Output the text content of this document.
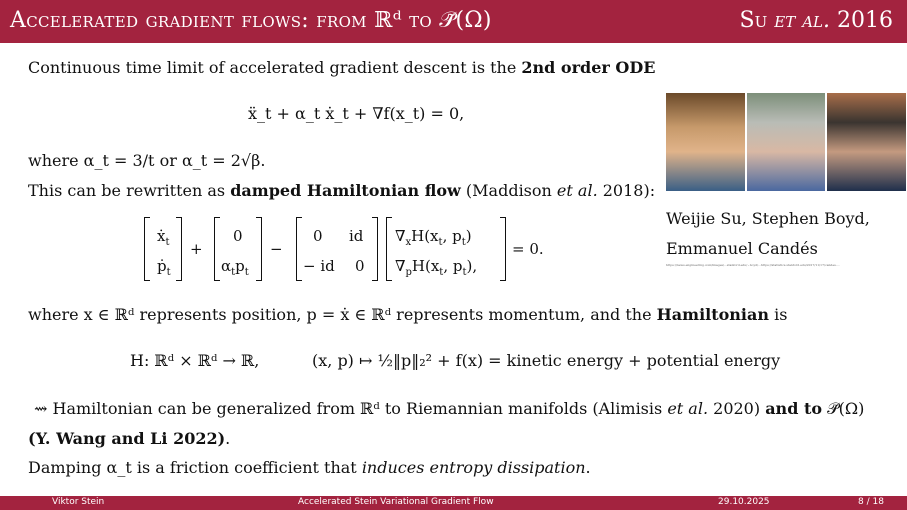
Accelerated gradient flows: from ℝᵈ to 𝒫̃(Ω)	Su et al. 2016
Continuous time limit of accelerated gradient descent is the 2nd order ODE
ẍ_t + α_t ẋ_t + ∇f(x_t) = 0,
where α_t = 3/t or α_t = 2√β.
This can be rewritten as damped Hamiltonian flow (Maddison et al. 2018):
ẋ$_t$
ṗ$_t$
+
0
$\alpha_tp_t$
−
0 id
− id 0
$\nabla_xH(x_t$, $p_t$)
$\nabla_pH(x_t$, $p_t$),
= 0.
where x ∈ ℝᵈ represents position, p = ẋ ∈ ℝᵈ represents momentum, and the Hamiltonian is
H: ℝᵈ × ℝᵈ → ℝ,	(x, p) ↦ ½‖p‖₂² + f(x) = kinetic energy + potential energy
⇝ Hamiltonian can be generalized from ℝᵈ to Riemannian manifolds (Alimisis et al. 2020) and to 𝒫̃(Ω)
(Y. Wang and Li 2022).
Damping α_t is a friction coefficient that induces entropy dissipation.
Weijie Su, Stephen Boyd,
Emmanuel Candés
https://news.engineering.com/images/...stanford.edu/~boyd/...https://statistics.stanford.edu/2017/11/17/candes-...
Viktor Stein	Accelerated Stein Variational Gradient Flow	29.10.2025	8 / 18
